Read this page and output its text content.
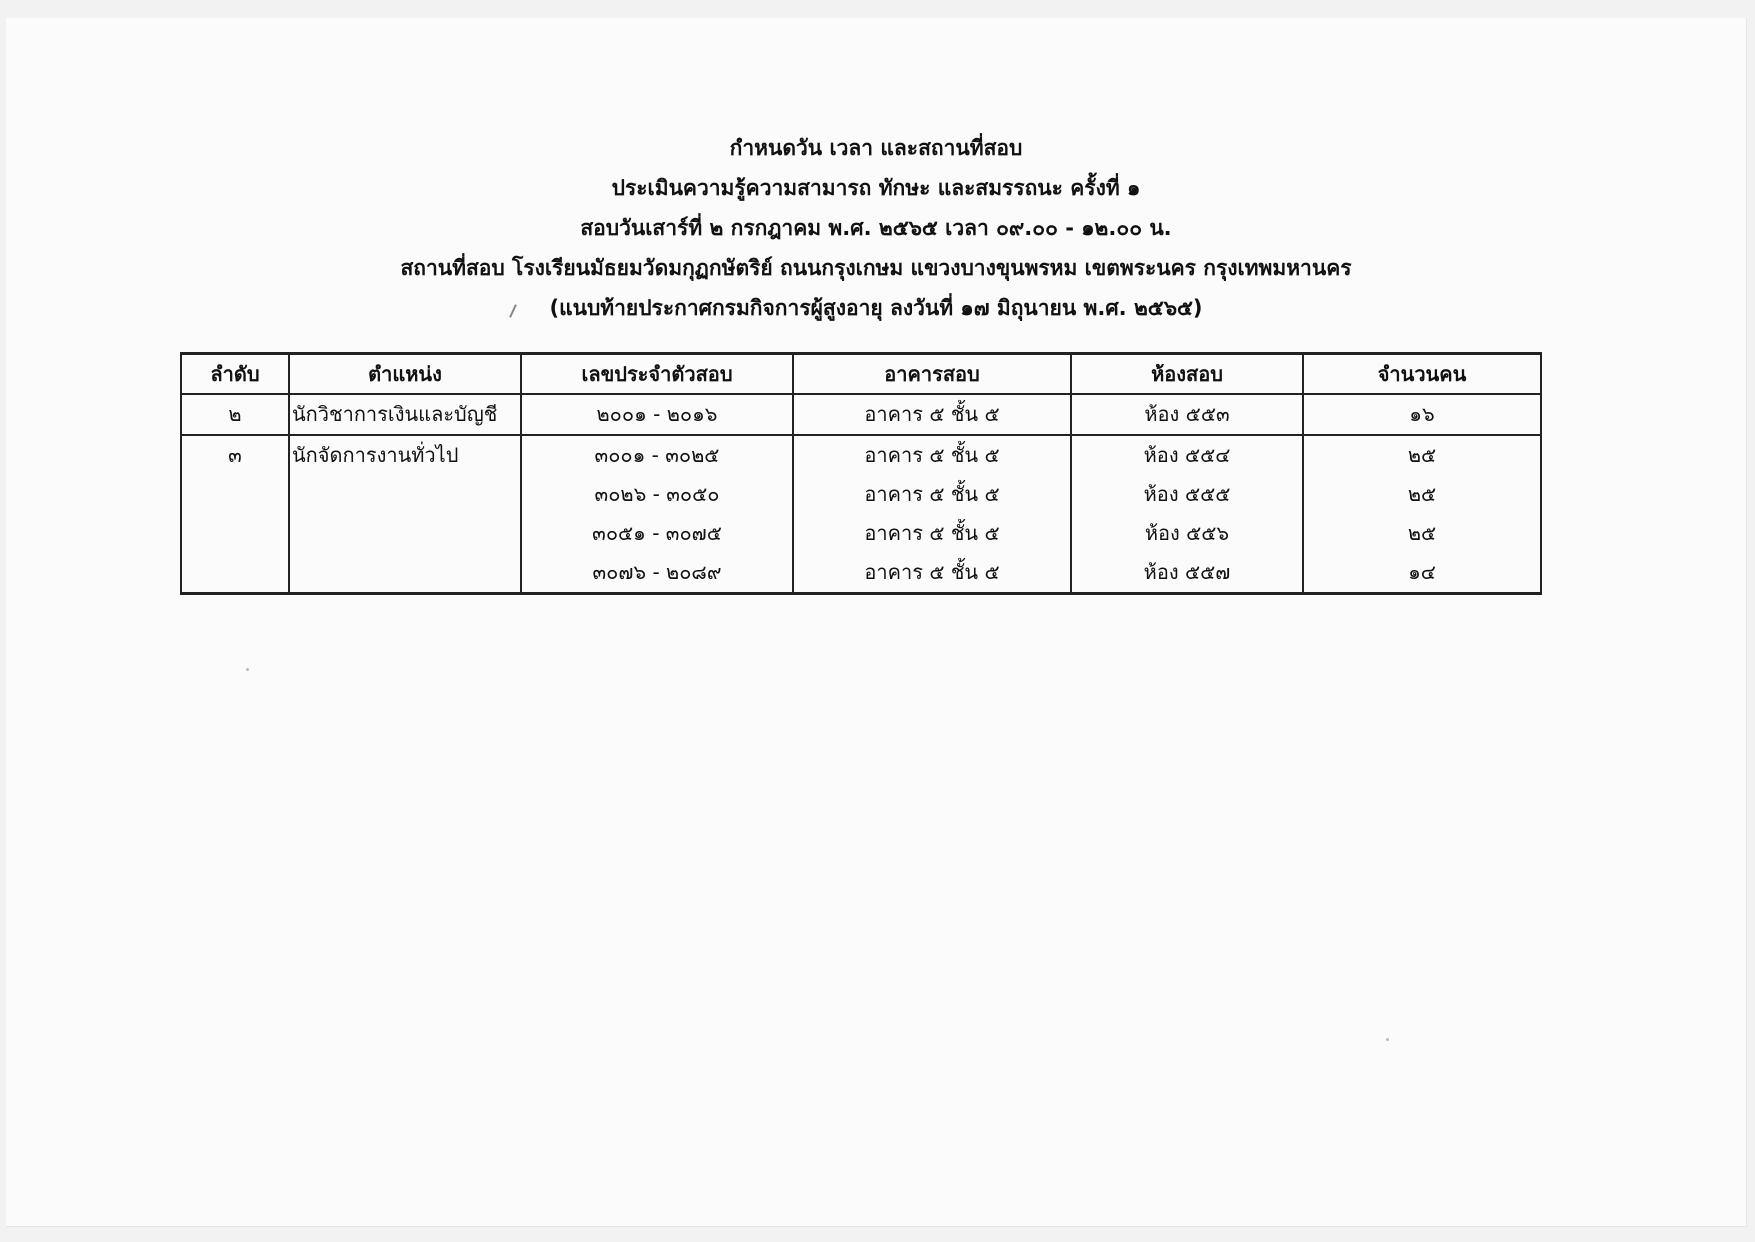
กำหนดวัน เวลา และสถานที่สอบ
ประเมินความรู้ความสามารถ ทักษะ และสมรรถนะ ครั้งที่ ๑
สอบวันเสาร์ที่ ๒ กรกฎาคม พ.ศ. ๒๕๖๕ เวลา ๐๙.๐๐ - ๑๒.๐๐ น.
สถานที่สอบ โรงเรียนมัธยมวัดมกุฏกษัตริย์ ถนนกรุงเกษม แขวงบางขุนพรหม เขตพระนคร กรุงเทพมหานคร
(แนบท้ายประกาศกรมกิจการผู้สูงอายุ ลงวันที่ ๑๗ มิถุนายน พ.ศ. ๒๕๖๕)
ลำดับ	ตำแหน่ง	เลขประจำตัวสอบ	อาคารสอบ	ห้องสอบ	จำนวนคน
๒	นักวิชาการเงินและบัญชี	๒๐๐๑ - ๒๐๑๖	อาคาร ๕ ชั้น ๕	ห้อง ๕๕๓	๑๖
๓	นักจัดการงานทั่วไป	๓๐๐๑ - ๓๐๒๕	อาคาร ๕ ชั้น ๕	ห้อง ๕๕๔	๒๕
		๓๐๒๖ - ๓๐๕๐	อาคาร ๕ ชั้น ๕	ห้อง ๕๕๕	๒๕
		๓๐๕๑ - ๓๐๗๕	อาคาร ๕ ชั้น ๕	ห้อง ๕๕๖	๒๕
		๓๐๗๖ - ๒๐๘๙	อาคาร ๕ ชั้น ๕	ห้อง ๕๕๗	๑๔
